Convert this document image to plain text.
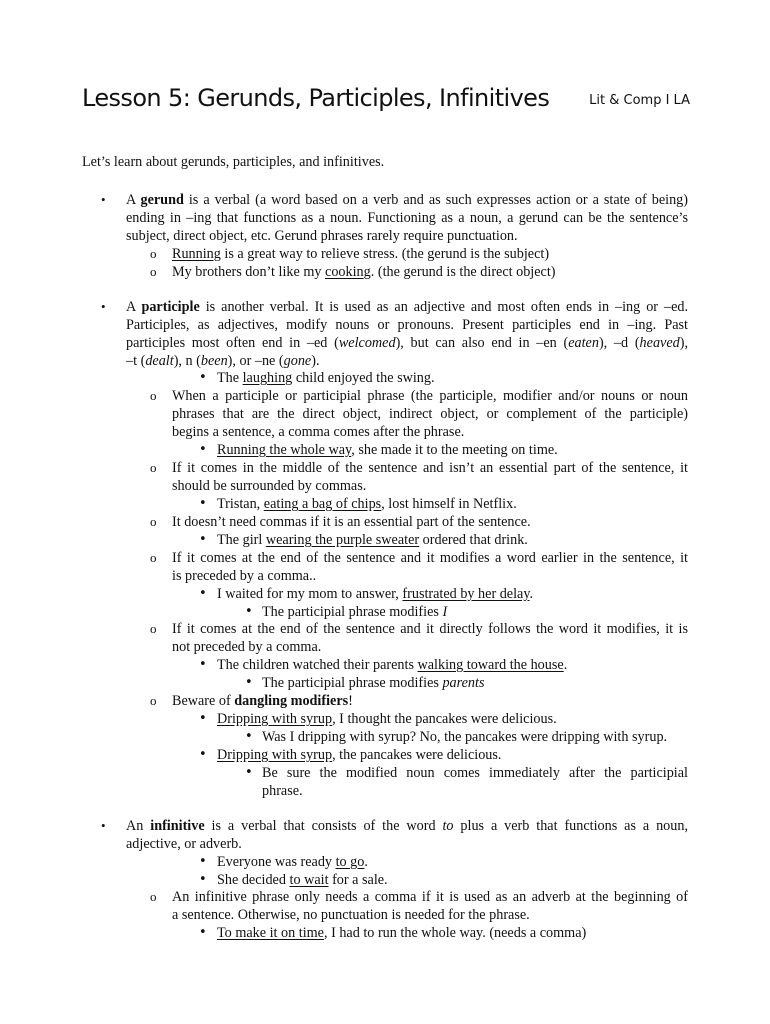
Lesson 5: Gerunds, Participles, Infinitives	Lit & Comp I LA
Let’s learn about gerunds, participles, and infinitives.
• A gerund is a verbal (a word based on a verb and as such expresses action or a state of being)
ending in –ing that functions as a noun. Functioning as a noun, a gerund can be the sentence’s
subject, direct object, etc. Gerund phrases rarely require punctuation.
o Running is a great way to relieve stress. (the gerund is the subject)
o My brothers don’t like my cooking. (the gerund is the direct object)
• A participle is another verbal. It is used as an adjective and most often ends in –ing or –ed.
Participles, as adjectives, modify nouns or pronouns. Present participles end in –ing. Past
participles most often end in –ed (welcomed), but can also end in –en (eaten), –d (heaved),
–t (dealt), n (been), or –ne (gone).
• The laughing child enjoyed the swing.
o When a participle or participial phrase (the participle, modifier and/or nouns or noun
phrases that are the direct object, indirect object, or complement of the participle)
begins a sentence, a comma comes after the phrase.
• Running the whole way, she made it to the meeting on time.
o If it comes in the middle of the sentence and isn’t an essential part of the sentence, it
should be surrounded by commas.
• Tristan, eating a bag of chips, lost himself in Netflix.
o It doesn’t need commas if it is an essential part of the sentence.
• The girl wearing the purple sweater ordered that drink.
o If it comes at the end of the sentence and it modifies a word earlier in the sentence, it
is preceded by a comma..
• I waited for my mom to answer, frustrated by her delay.
• The participial phrase modifies I
o If it comes at the end of the sentence and it directly follows the word it modifies, it is
not preceded by a comma.
• The children watched their parents walking toward the house.
• The participial phrase modifies parents
o Beware of dangling modifiers!
• Dripping with syrup, I thought the pancakes were delicious.
• Was I dripping with syrup? No, the pancakes were dripping with syrup.
• Dripping with syrup, the pancakes were delicious.
• Be sure the modified noun comes immediately after the participial
phrase.
• An infinitive is a verbal that consists of the word to plus a verb that functions as a noun,
adjective, or adverb.
• Everyone was ready to go.
• She decided to wait for a sale.
o An infinitive phrase only needs a comma if it is used as an adverb at the beginning of
a sentence. Otherwise, no punctuation is needed for the phrase.
• To make it on time, I had to run the whole way. (needs a comma)
